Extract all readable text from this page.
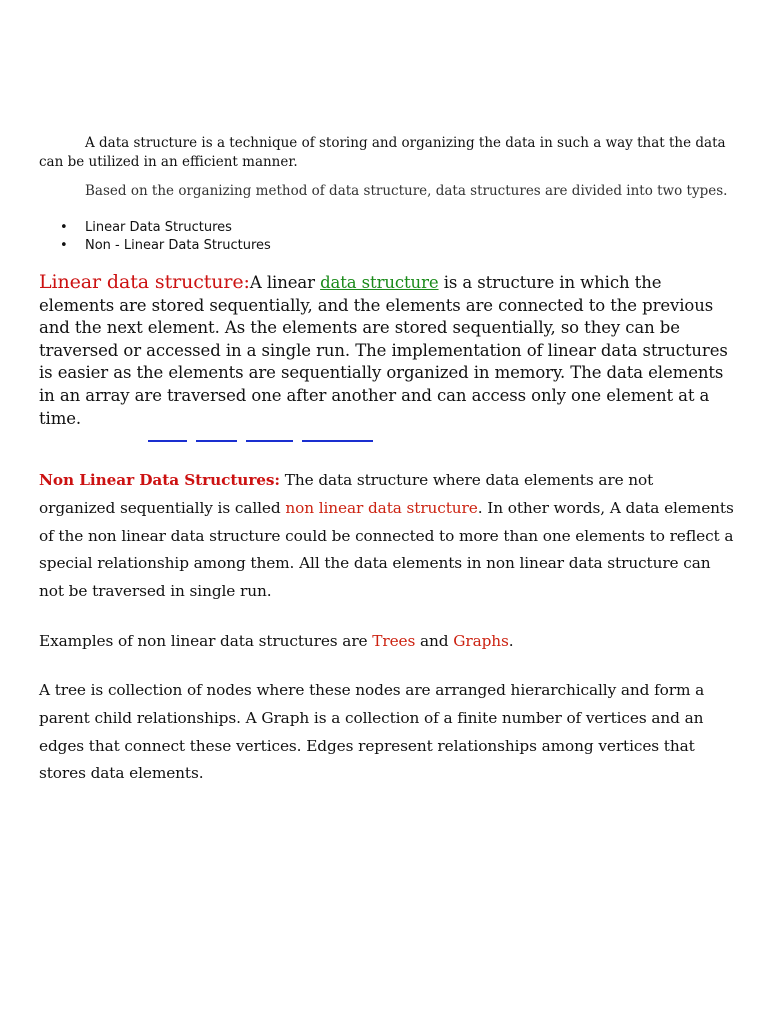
A data structure is a technique of storing and organizing the data in such a way that the data can be utilized in an efficient manner.

Based on the organizing method of data structure, data structures are divided into two types.

• Linear Data Structures
• Non - Linear Data Structures

Linear data structure:A linear data structure is a structure in which the elements are stored sequentially, and the elements are connected to the previous and the next element. As the elements are stored sequentially, so they can be traversed or accessed in a single run. The implementation of linear data structures is easier as the elements are sequentially organized in memory. The data elements in an array are traversed one after another and can access only one element at a time.

Non Linear Data Structures: The data structure where data elements are not organized sequentially is called non linear data structure. In other words, A data elements of the non linear data structure could be connected to more than one elements to reflect a special relationship among them. All the data elements in non linear data structure can not be traversed in single run.

Examples of non linear data structures are Trees and Graphs.

A tree is collection of nodes where these nodes are arranged hierarchically and form a parent child relationships. A Graph is a collection of a finite number of vertices and an edges that connect these vertices. Edges represent relationships among vertices that stores data elements.
